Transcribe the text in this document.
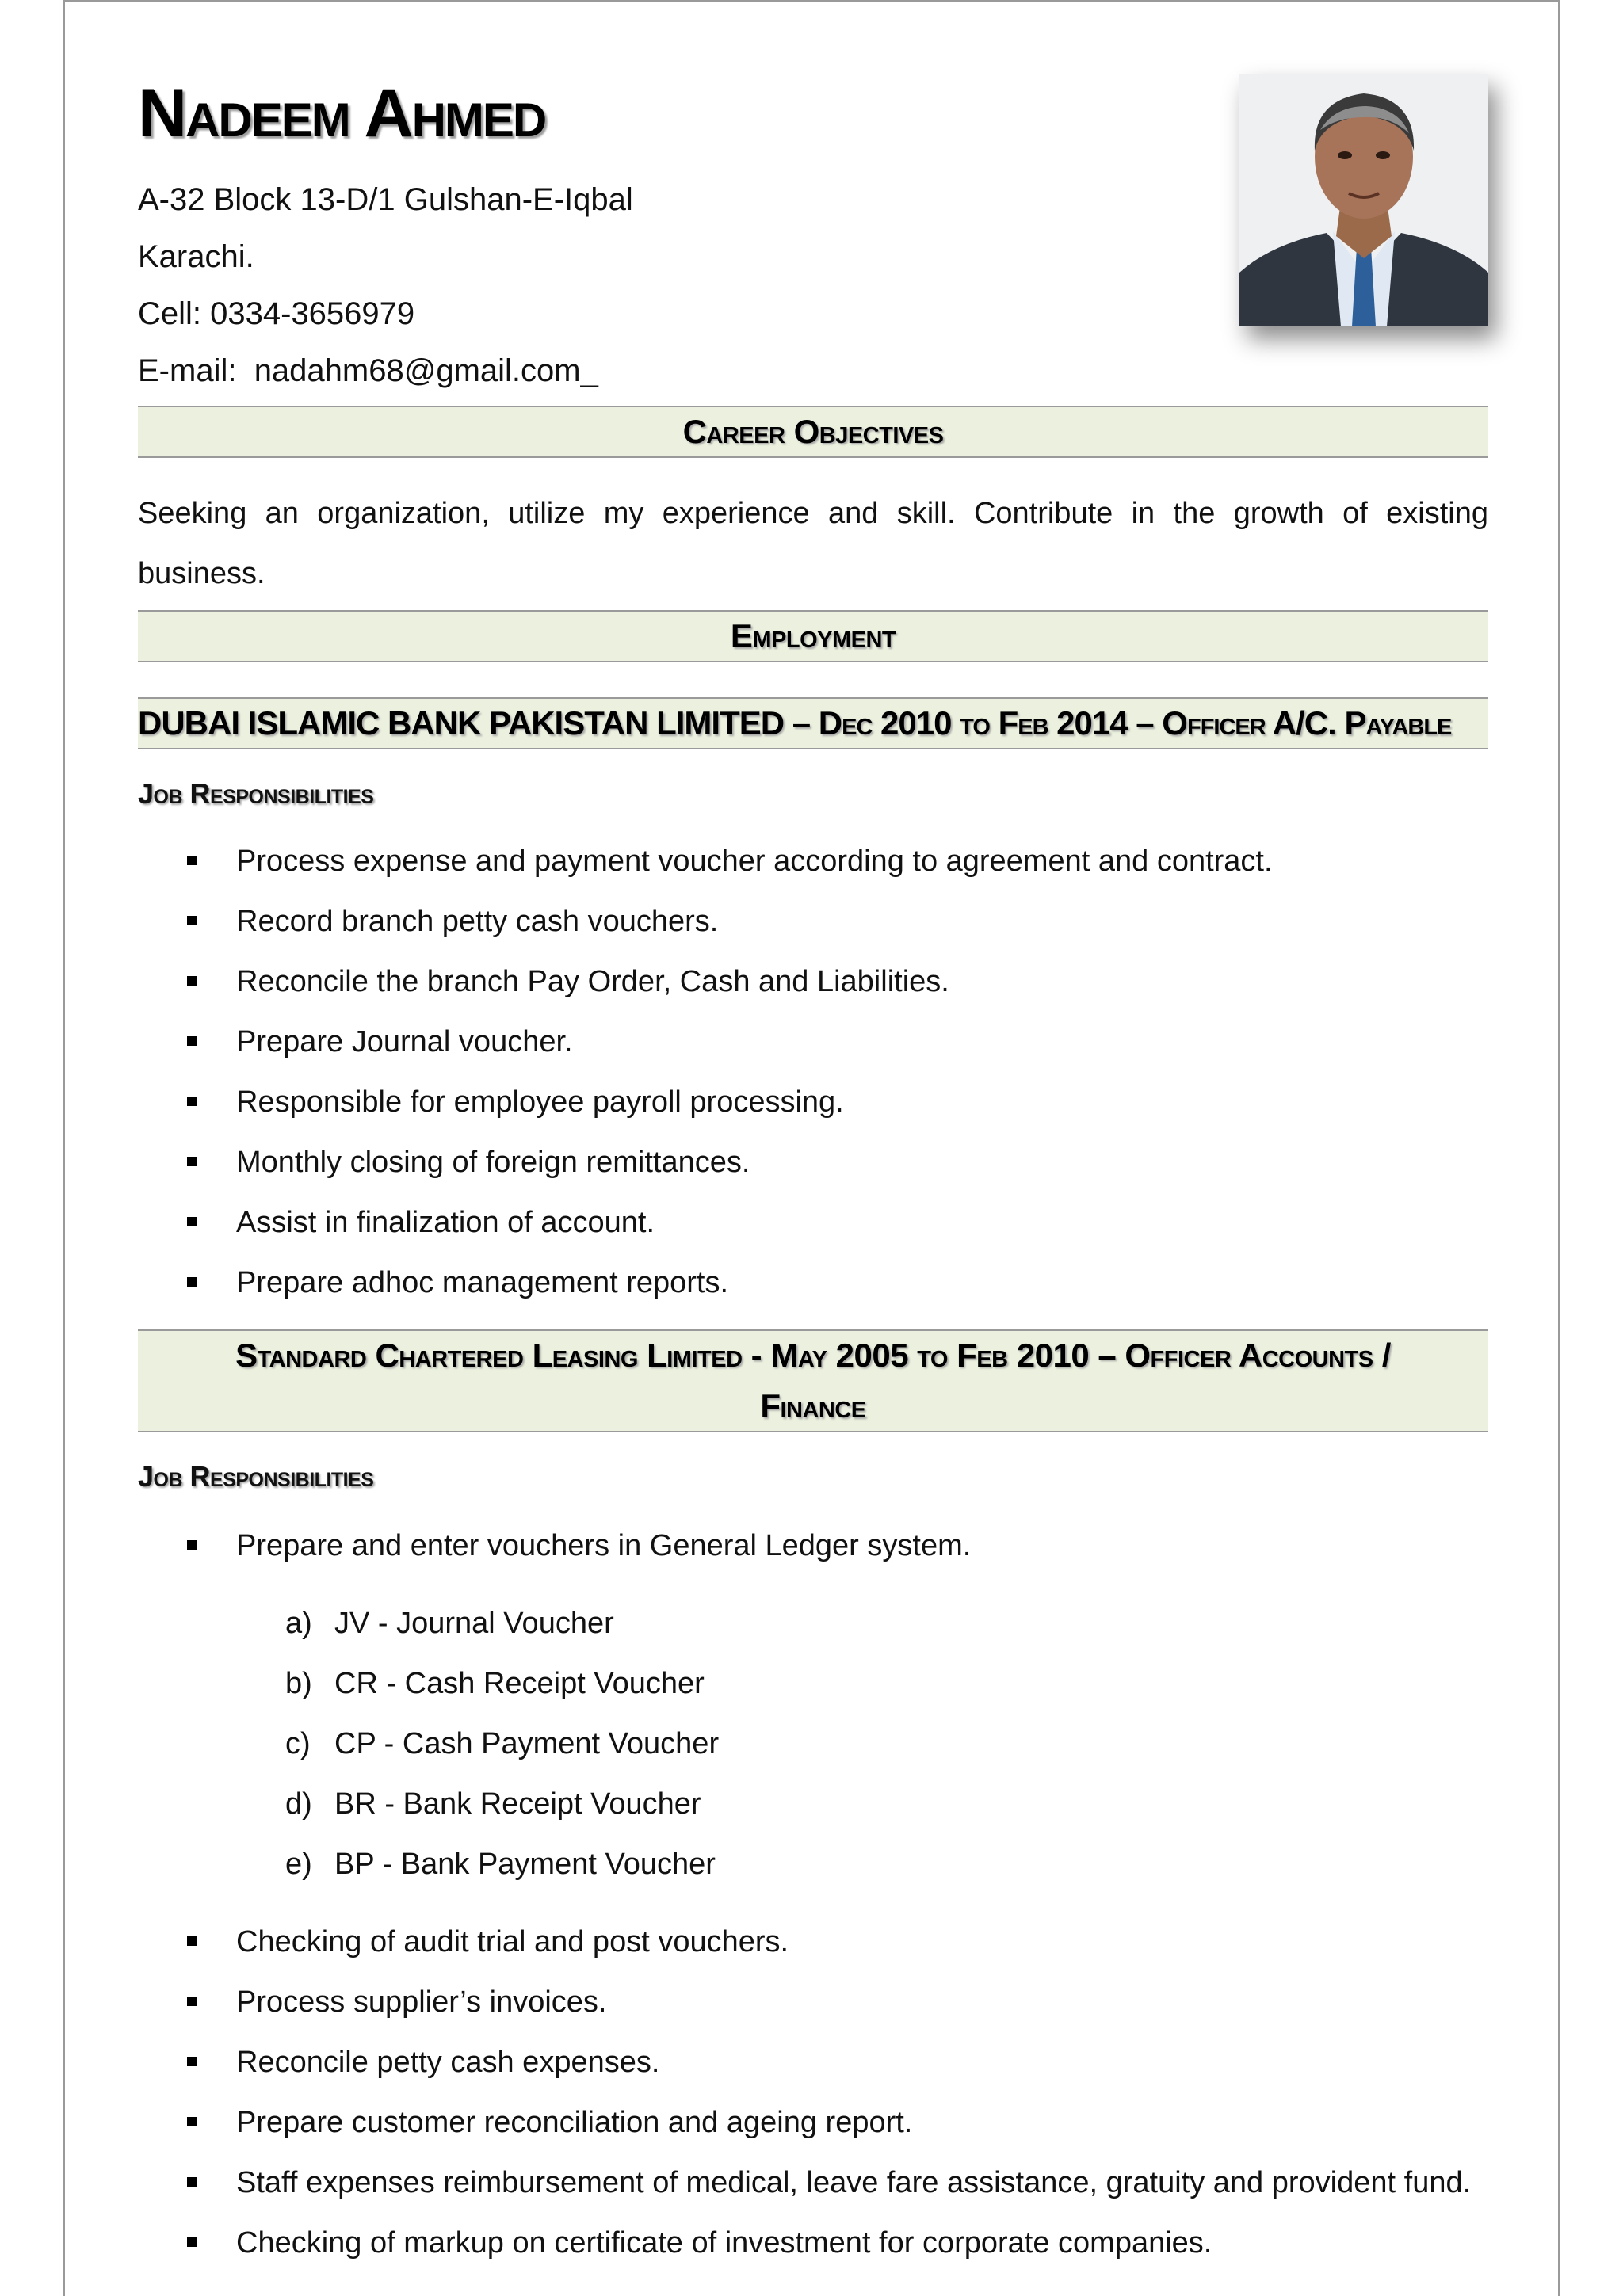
Nadeem Ahmed
A-32 Block 13-D/1 Gulshan-E-Iqbal
Karachi.
Cell: 0334-3656979
E-mail: nadahm68@gmail.com_
Career Objectives

Seeking an organization, utilize my experience and skill. Contribute in the growth of existing business.

Employment
DUBAI ISLAMIC BANK PAKISTAN LIMITED – Dec 2010 to Feb 2014 – Officer A/C. Payable
Job Responsibilities
Process expense and payment voucher according to agreement and contract.
Record branch petty cash vouchers.
Reconcile the branch Pay Order, Cash and Liabilities.
Prepare Journal voucher.
Responsible for employee payroll processing.
Monthly closing of foreign remittances.
Assist in finalization of account.
Prepare adhoc management reports.
Standard Chartered Leasing Limited - May 2005 to Feb 2010 – Officer Accounts /
Finance
Job Responsibilities
Prepare and enter vouchers in General Ledger system.
a) JV - Journal Voucher
b) CR - Cash Receipt Voucher
c) CP - Cash Payment Voucher
d) BR - Bank Receipt Voucher
e) BP - Bank Payment Voucher
Checking of audit trial and post vouchers.
Process supplier’s invoices.
Reconcile petty cash expenses.
Prepare customer reconciliation and ageing report.
Staff expenses reimbursement of medical, leave fare assistance, gratuity and provident fund.
Checking of markup on certificate of investment for corporate companies.
